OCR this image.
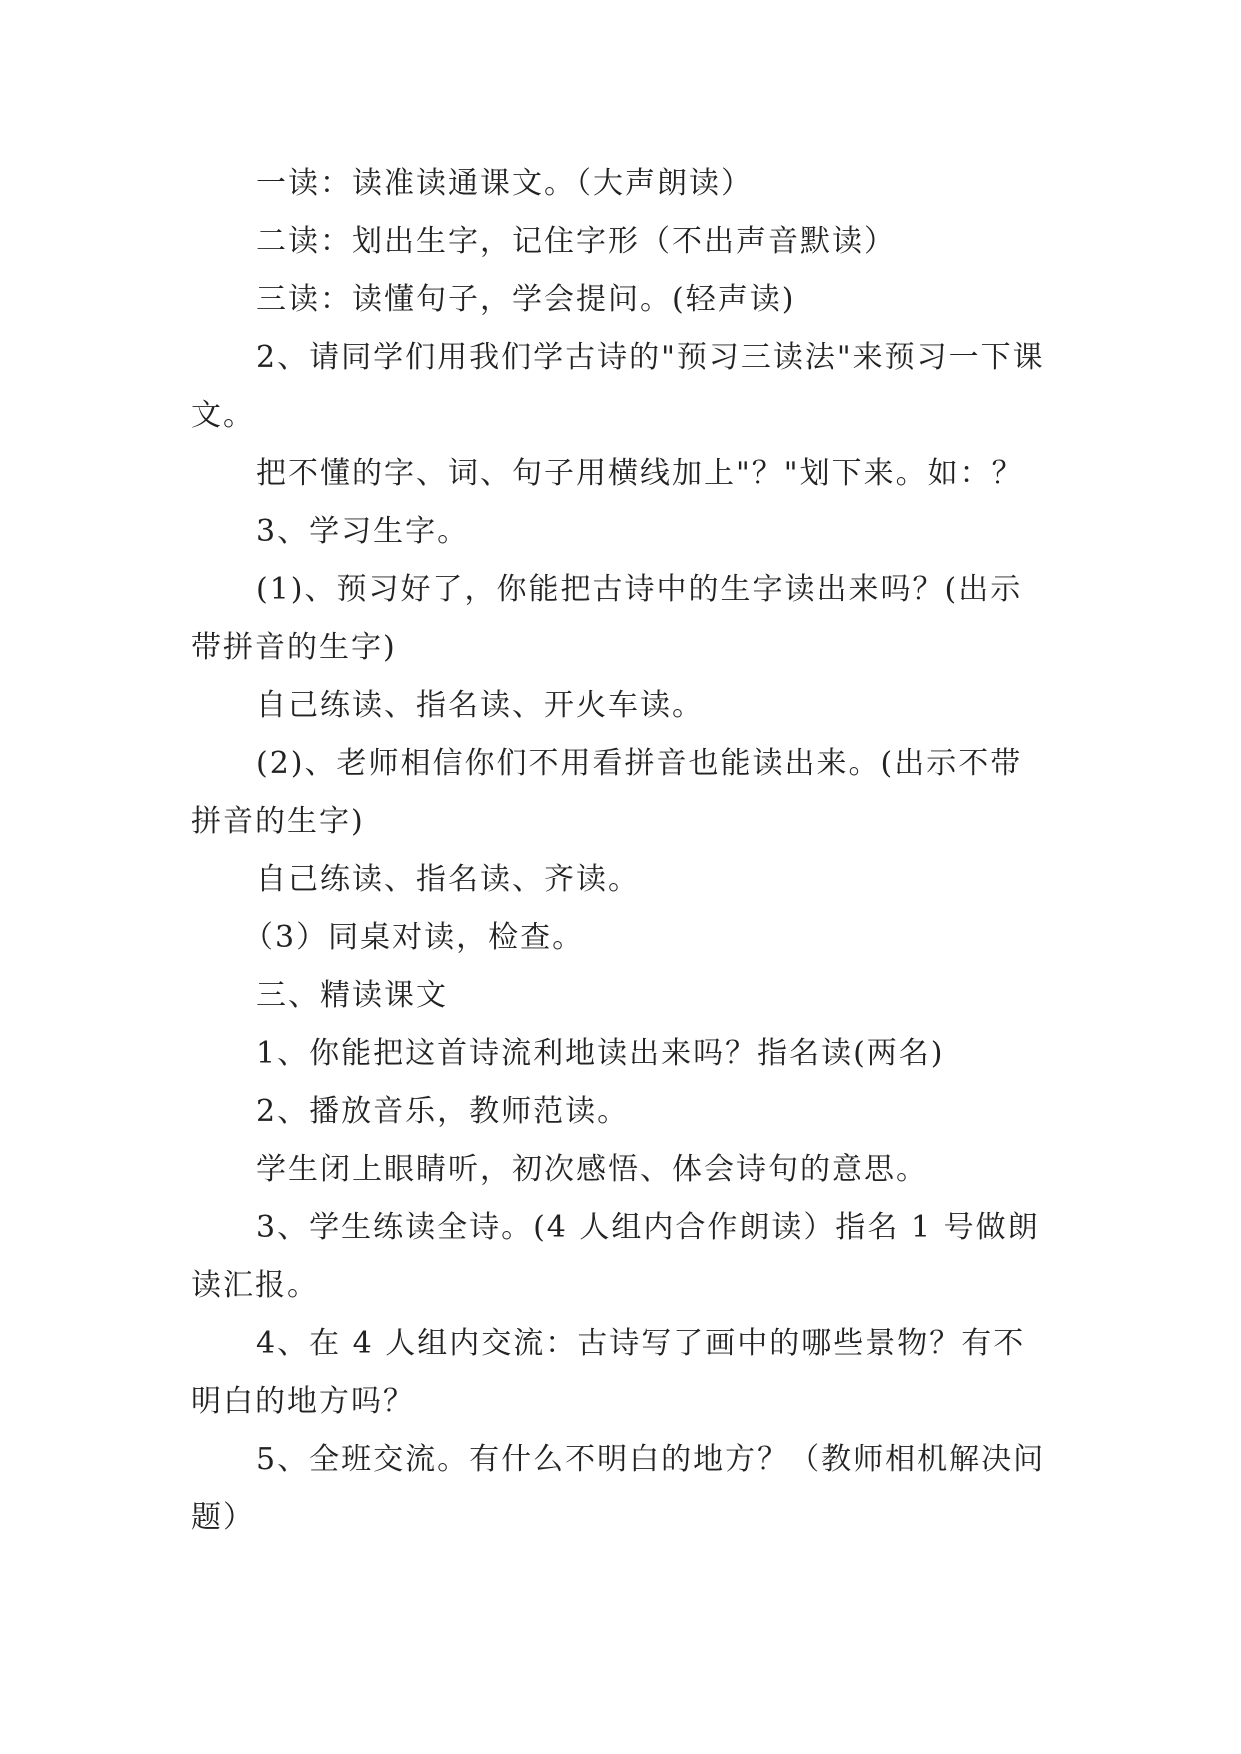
一读：读准读通课文。（大声朗读）

二读：划出生字，记住字形（不出声音默读）

三读：读懂句子，学会提问。(轻声读)

2、请同学们用我们学古诗的"预习三读法"来预习一下课文。

把不懂的字、词、句子用横线加上"？"划下来。如：？

3、学习生字。

(1)、预习好了，你能把古诗中的生字读出来吗？(出示带拼音的生字)

自己练读、指名读、开火车读。

(2)、老师相信你们不用看拼音也能读出来。(出示不带拼音的生字)

自己练读、指名读、齐读。

（3）同桌对读，检查。

三、精读课文

1、你能把这首诗流利地读出来吗？指名读(两名)

2、播放音乐，教师范读。

学生闭上眼睛听，初次感悟、体会诗句的意思。

3、学生练读全诗。(4 人组内合作朗读）指名 1 号做朗读汇报。

4、在 4 人组内交流：古诗写了画中的哪些景物？有不明白的地方吗？

5、全班交流。有什么不明白的地方？（教师相机解决问题）
